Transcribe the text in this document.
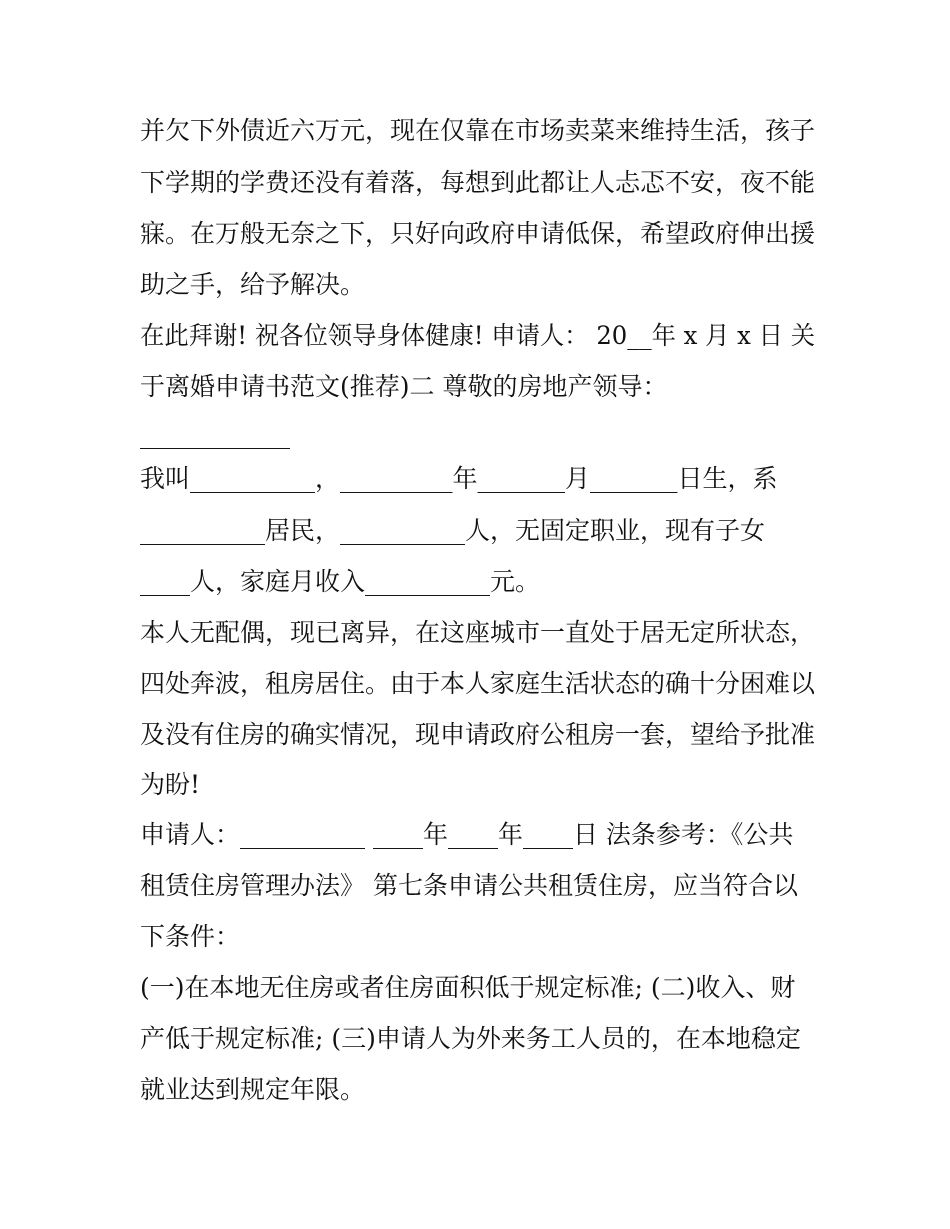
并欠下外债近六万元，现在仅靠在市场卖菜来维持生活，孩子
下学期的学费还没有着落，每想到此都让人忐忑不安，夜不能
寐。在万般无奈之下，只好向政府申请低保，希望政府伸出援
助之手，给予解决。
在此拜谢! 祝各位领导身体健康! 申请人： 20__年 x 月 x 日 关
于离婚申请书范文(推荐)二 尊敬的房地产领导：
____________
我叫__________，_________年_______月_______日生，系
__________居民，__________人，无固定职业，现有子女
____人，家庭月收入__________元。
本人无配偶，现已离异，在这座城市一直处于居无定所状态，
四处奔波，租房居住。由于本人家庭生活状态的确十分困难以
及没有住房的确实情况，现申请政府公租房一套，望给予批准
为盼!
申请人：__________ ____年____年____日 法条参考：《公共
租赁住房管理办法》 第七条申请公共租赁住房，应当符合以
下条件：
(一)在本地无住房或者住房面积低于规定标准; (二)收入、财
产低于规定标准; (三)申请人为外来务工人员的，在本地稳定
就业达到规定年限。
